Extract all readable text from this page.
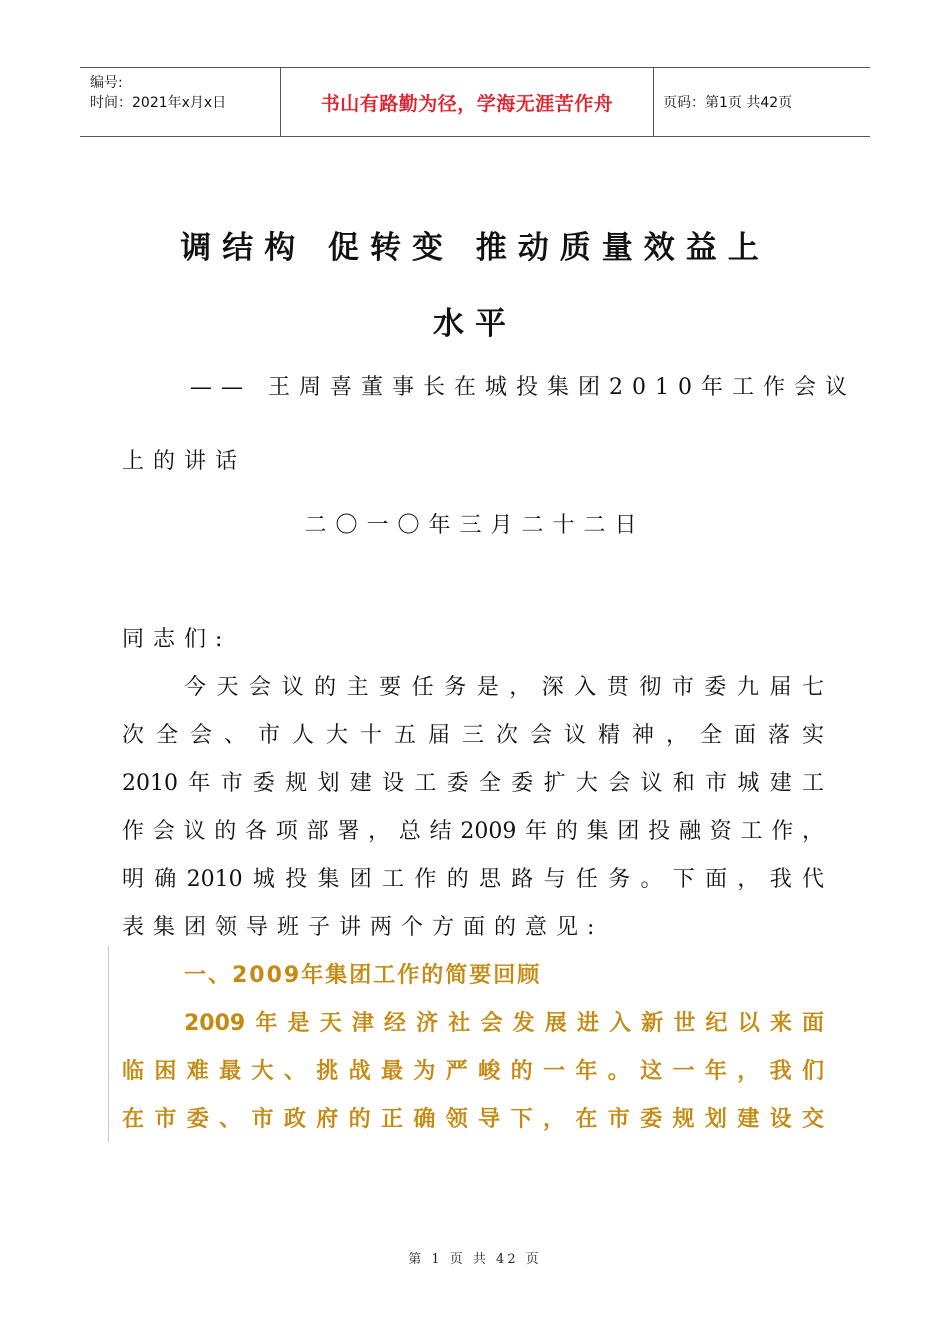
编号:
时间：2021年x月x日	书山有路勤为径，学海无涯苦作舟	页码：第1页 共42页
调结构 促转变 推动质量效益上
水平
—— 王周喜董事长在城投集团2010年工作会议
上的讲话
二〇一〇年三月二十二日
同志们:
今天会议的主要任务是，深入贯彻市委九届七
次全会、市人大十五届三次会议精神，全面落实
2010年市委规划建设工委全委扩大会议和市城建工
作会议的各项部署，总结2009年的集团投融资工作，
明确2010城投集团工作的思路与任务。下面，我代
表集团领导班子讲两个方面的意见:
一、2009年集团工作的简要回顾
2009年是天津经济社会发展进入新世纪以来面
临困难最大、挑战最为严峻的一年。这一年，我们
在市委、市政府的正确领导下，在市委规划建设交
第 1 页 共 42 页
